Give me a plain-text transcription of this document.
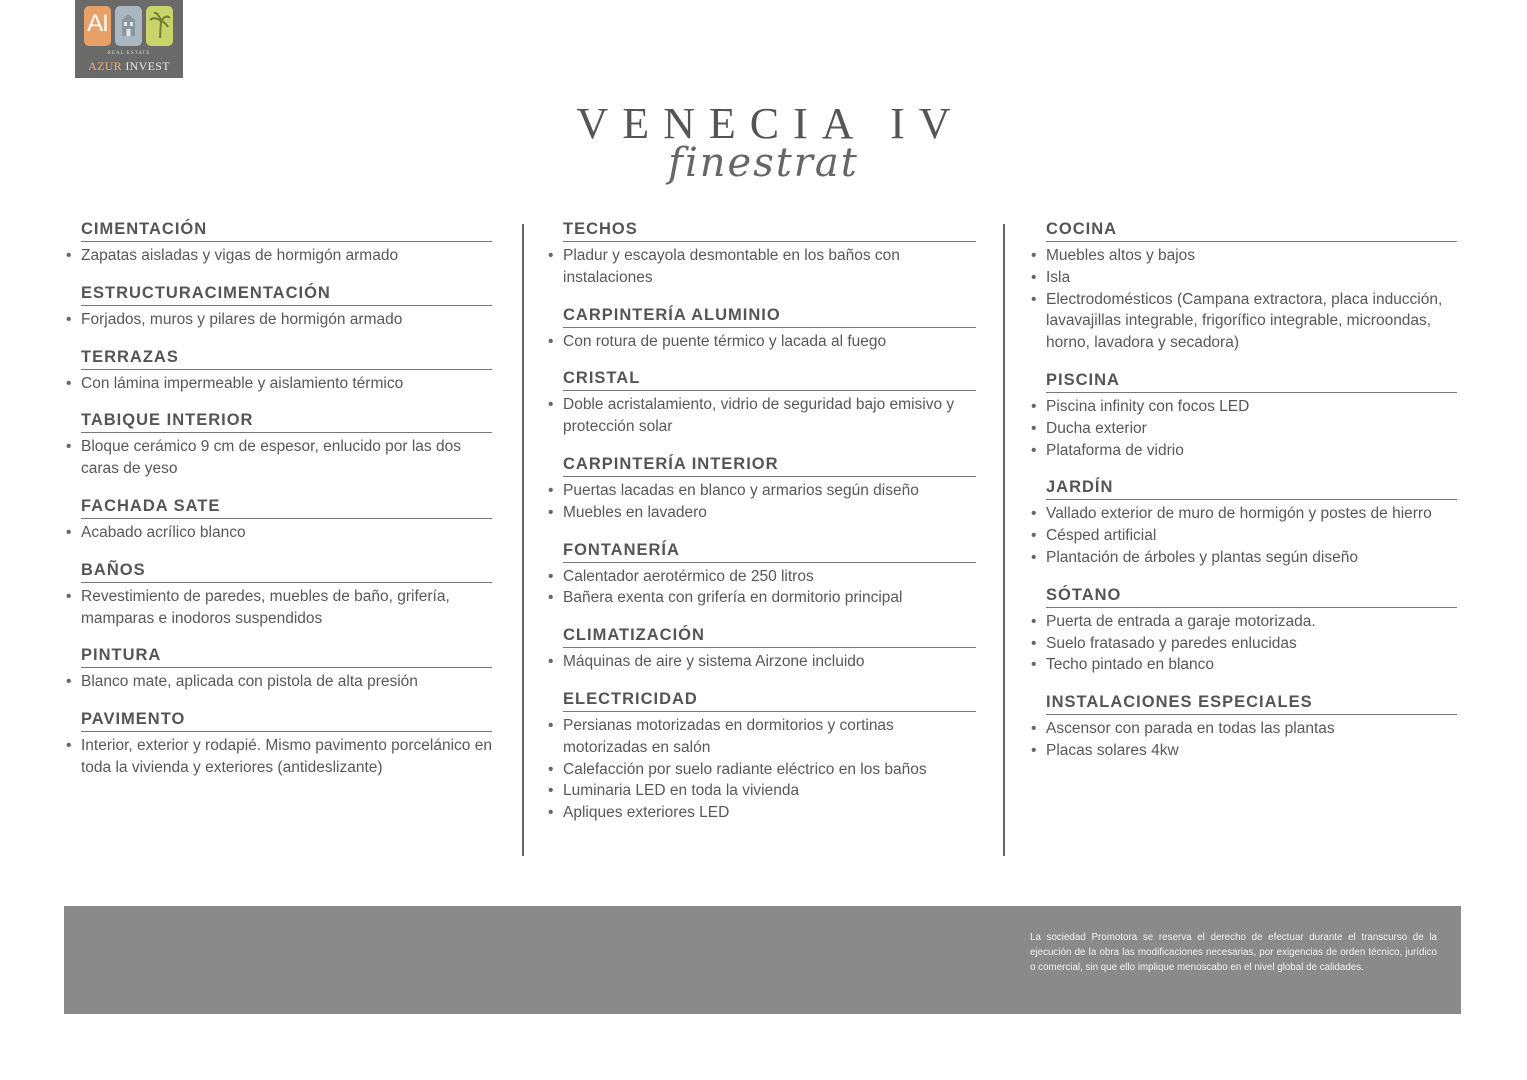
AI
REAL ESTATE
AZUR INVEST
VENECIA IV
finestrat
CIMENTACIÓN
• Zapatas aisladas y vigas de hormigón armado
ESTRUCTURACIMENTACIÓN
• Forjados, muros y pilares de hormigón armado
TERRAZAS
• Con lámina impermeable y aislamiento térmico
TABIQUE INTERIOR
• Bloque cerámico 9 cm de espesor, enlucido por las dos caras de yeso
FACHADA SATE
• Acabado acrílico blanco
BAÑOS
• Revestimiento de paredes, muebles de baño, grifería, mamparas e inodoros suspendidos
PINTURA
• Blanco mate, aplicada con pistola de alta presión
PAVIMENTO
• Interior, exterior y rodapié. Mismo pavimento porcelánico en toda la vivienda y exteriores (antideslizante)
TECHOS
• Pladur y escayola desmontable en los baños con instalaciones
CARPINTERÍA ALUMINIO
• Con rotura de puente térmico y lacada al fuego
CRISTAL
• Doble acristalamiento, vidrio de seguridad bajo emisivo y protección solar
CARPINTERÍA INTERIOR
• Puertas lacadas en blanco y armarios según diseño
• Muebles en lavadero
FONTANERÍA
• Calentador aerotérmico de 250 litros
• Bañera exenta con grifería en dormitorio principal
CLIMATIZACIÓN
• Máquinas de aire y sistema Airzone incluido
ELECTRICIDAD
• Persianas motorizadas en dormitorios y cortinas motorizadas en salón
• Calefacción por suelo radiante eléctrico en los baños
• Luminaria LED en toda la vivienda
• Apliques exteriores LED
COCINA
• Muebles altos y bajos
• Isla
• Electrodomésticos (Campana extractora, placa inducción, lavavajillas integrable, frigorífico integrable, microondas, horno, lavadora y secadora)
PISCINA
• Piscina infinity con focos LED
• Ducha exterior
• Plataforma de vidrio
JARDÍN
• Vallado exterior de muro de hormigón y postes de hierro
• Césped artificial
• Plantación de árboles y plantas según diseño
SÓTANO
• Puerta de entrada a garaje motorizada.
• Suelo fratasado y paredes enlucidas
• Techo pintado en blanco
INSTALACIONES ESPECIALES
• Ascensor con parada en todas las plantas
• Placas solares 4kw
La sociedad Promotora se reserva el derecho de efectuar durante el transcurso de la ejecución de la obra las modificaciones necesarias, por exigencias de orden técnico, jurídico o comercial, sin que ello implique menoscabo en el nivel global de calidades.
